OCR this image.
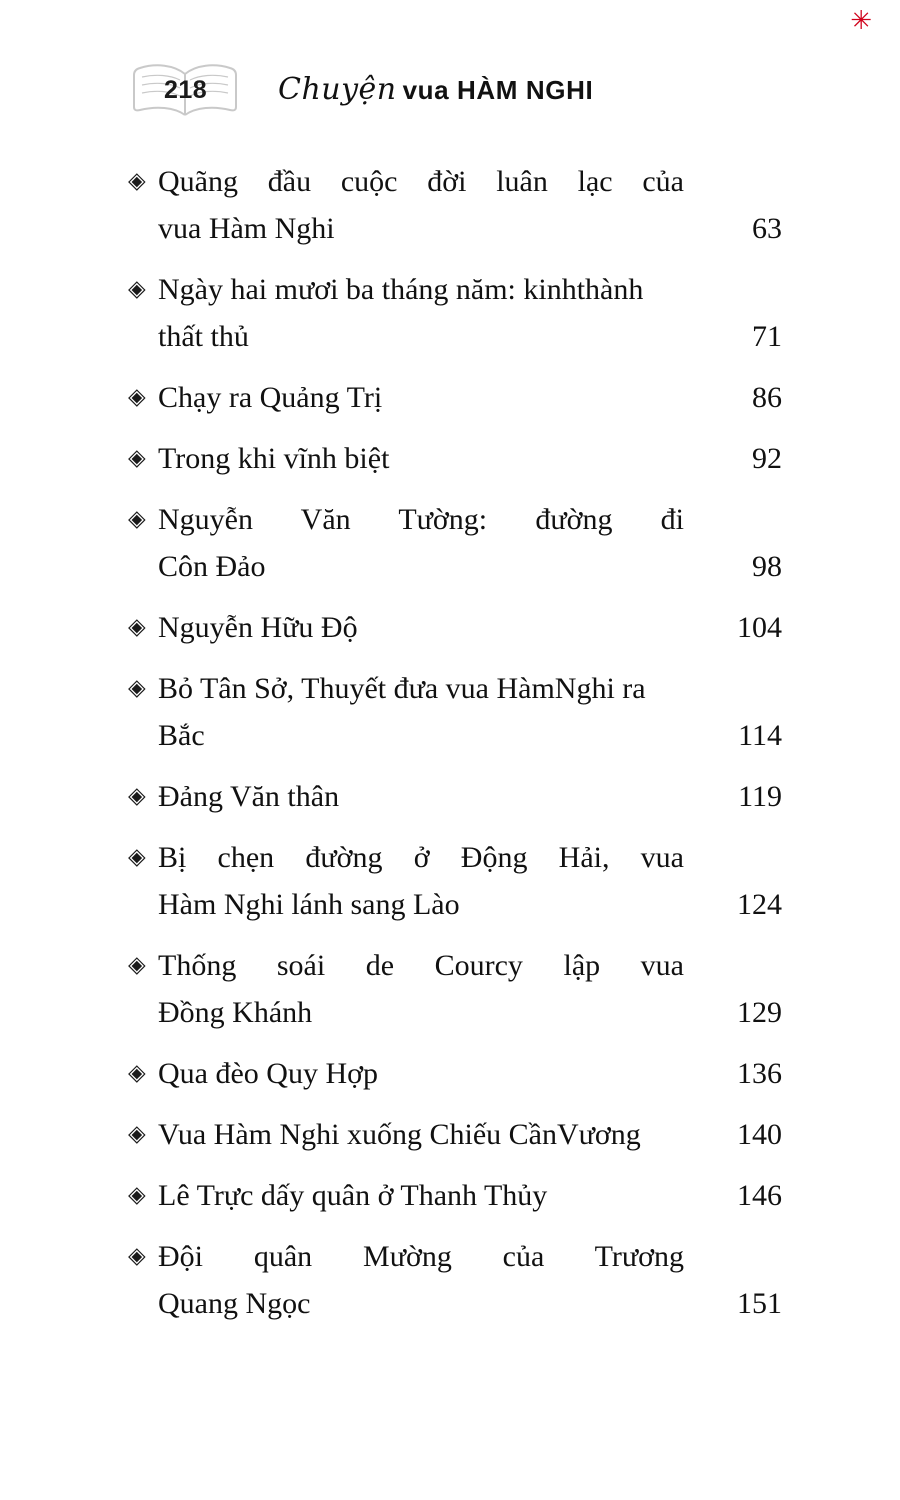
✳
218 Chuyện vua HÀM NGHI
◈ Quãng đầu cuộc đời luân lạc của
vua Hàm Nghi	63
◈ Ngày hai mươi ba tháng năm: kinhthành thất thủ	71
◈ Chạy ra Quảng Trị	86
◈ Trong khi vĩnh biệt	92
◈ Nguyễn Văn Tường: đường đi
Côn Đảo	98
◈ Nguyễn Hữu Độ	104
◈ Bỏ Tân Sở, Thuyết đưa vua HàmNghi ra Bắc	114
◈ Đảng Văn thân	119
◈ Bị chẹn đường ở Động Hải, vua
Hàm Nghi lánh sang Lào	124
◈ Thống soái de Courcy lập vua
Đồng Khánh	129
◈ Qua đèo Quy Hợp	136
◈ Vua Hàm Nghi xuống Chiếu CầnVương	140
◈ Lê Trực dấy quân ở Thanh Thủy	146
◈ Đội quân Mường của Trương
Quang Ngọc	151
